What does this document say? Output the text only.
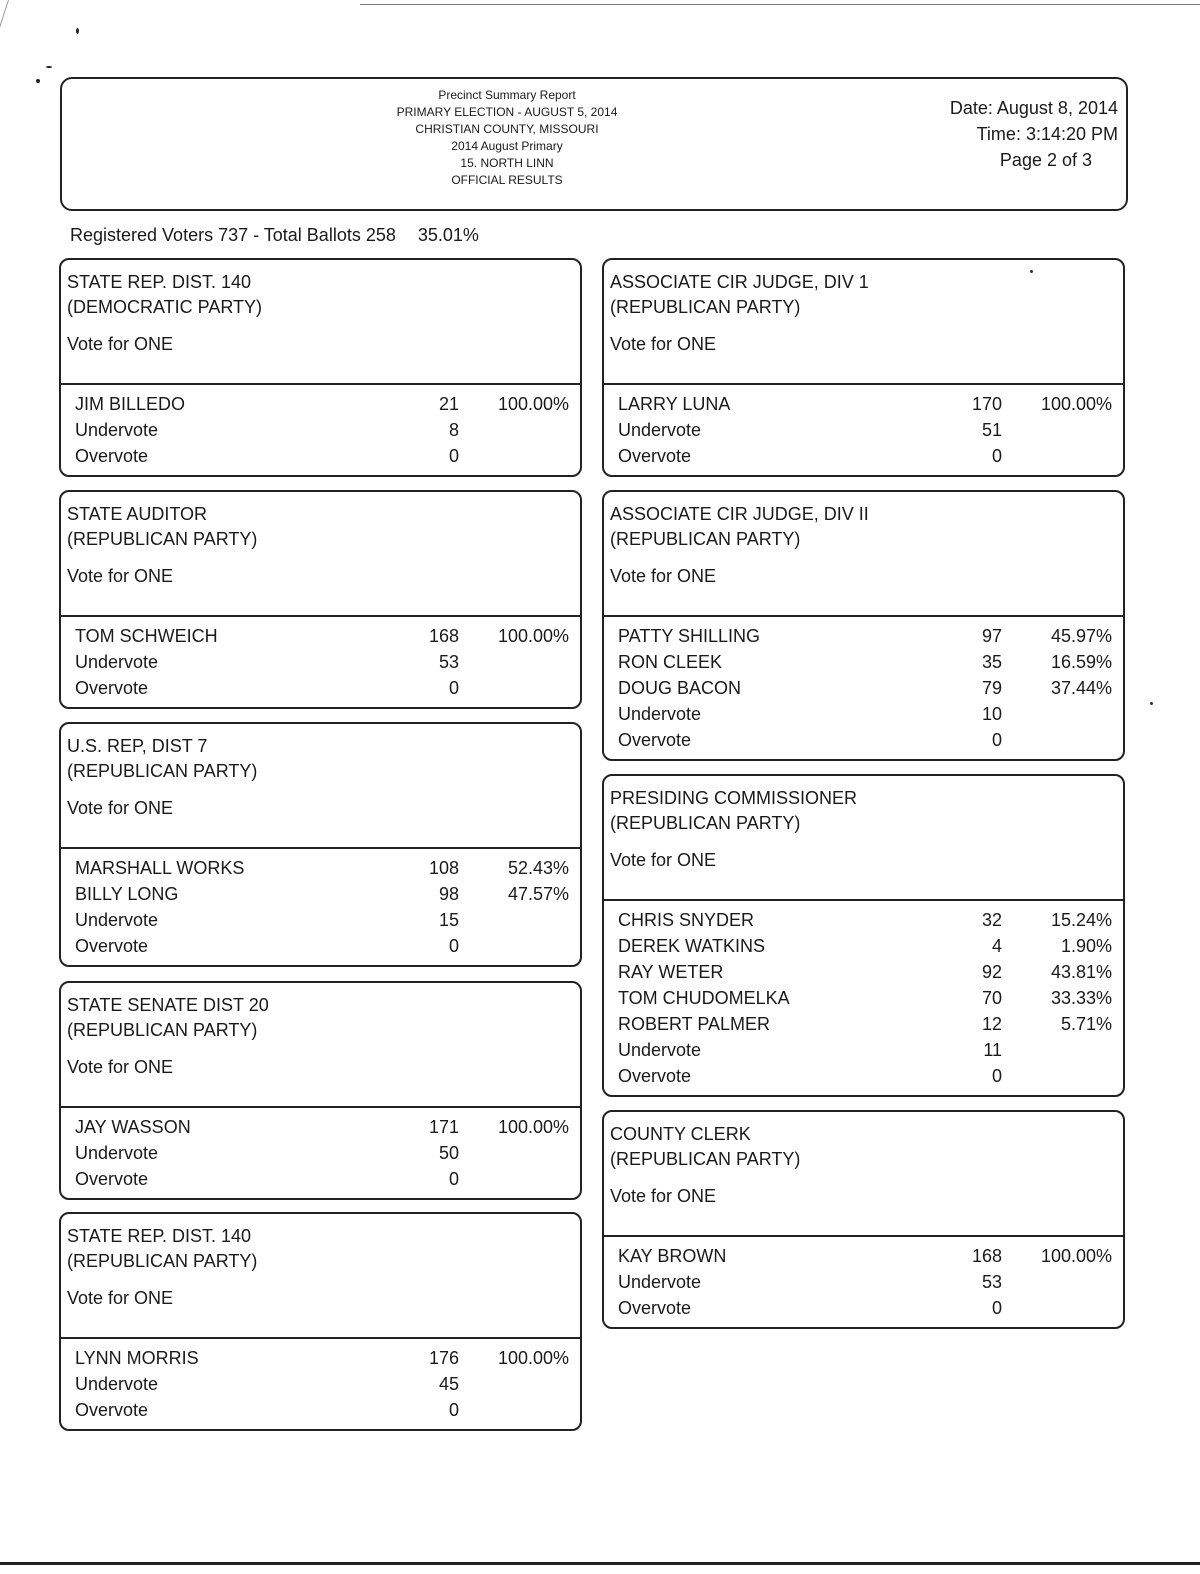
Precinct Summary Report
PRIMARY ELECTION - AUGUST 5, 2014
CHRISTIAN COUNTY, MISSOURI
2014 August Primary
15. NORTH LINN
OFFICIAL RESULTS
Date: August 8, 2014
Time: 3:14:20 PM
Page 2 of 3
Registered Voters 737 - Total Ballots 258 35.01%
STATE REP. DIST. 140
(DEMOCRATIC PARTY)
Vote for ONE
JIM BILLEDO	21	100.00%
Undervote	8
Overvote	0
STATE AUDITOR
(REPUBLICAN PARTY)
Vote for ONE
TOM SCHWEICH	168	100.00%
Undervote	53
Overvote	0
U.S. REP, DIST 7
(REPUBLICAN PARTY)
Vote for ONE
MARSHALL WORKS	108	52.43%
BILLY LONG	98	47.57%
Undervote	15
Overvote	0
STATE SENATE DIST 20
(REPUBLICAN PARTY)
Vote for ONE
JAY WASSON	171	100.00%
Undervote	50
Overvote	0
STATE REP. DIST. 140
(REPUBLICAN PARTY)
Vote for ONE
LYNN MORRIS	176	100.00%
Undervote	45
Overvote	0
ASSOCIATE CIR JUDGE, DIV 1
(REPUBLICAN PARTY)
Vote for ONE
LARRY LUNA	170	100.00%
Undervote	51
Overvote	0
ASSOCIATE CIR JUDGE, DIV II
(REPUBLICAN PARTY)
Vote for ONE
PATTY SHILLING	97	45.97%
RON CLEEK	35	16.59%
DOUG BACON	79	37.44%
Undervote	10
Overvote	0
PRESIDING COMMISSIONER
(REPUBLICAN PARTY)
Vote for ONE
CHRIS SNYDER	32	15.24%
DEREK WATKINS	4	1.90%
RAY WETER	92	43.81%
TOM CHUDOMELKA	70	33.33%
ROBERT PALMER	12	5.71%
Undervote	11
Overvote	0
COUNTY CLERK
(REPUBLICAN PARTY)
Vote for ONE
KAY BROWN	168	100.00%
Undervote	53
Overvote	0
